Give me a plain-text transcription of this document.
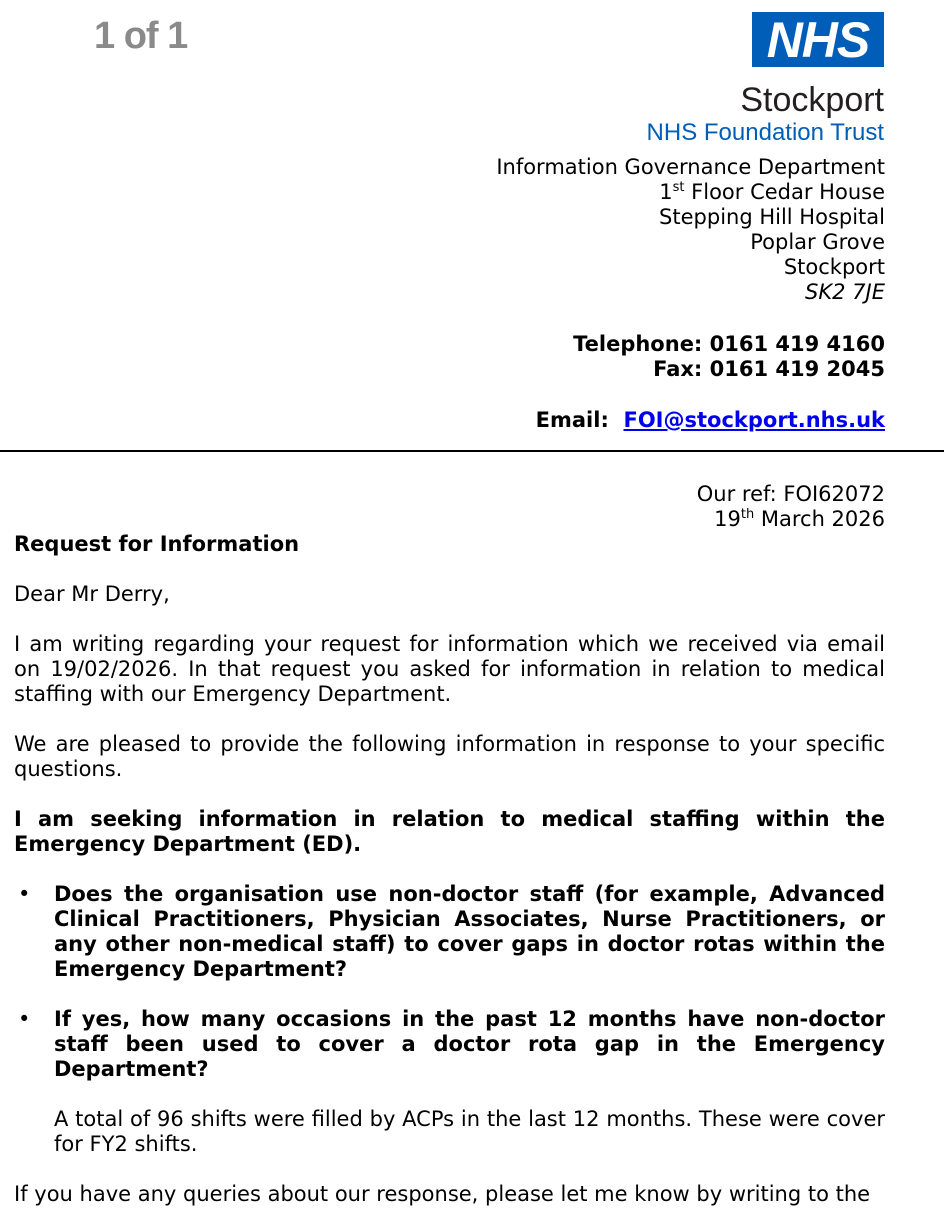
1 of 1	NHS
Stockport
NHS Foundation Trust
Information Governance Department
1st Floor Cedar House
Stepping Hill Hospital
Poplar Grove
Stockport
SK2 7JE
Telephone: 0161 419 4160
Fax: 0161 419 2045
Email: FOI@stockport.nhs.uk
Our ref: FOI62072
19th March 2026

Request for Information

Dear Mr Derry,

I am writing regarding your request for information which we received via email on 19/02/2026. In that request you asked for information in relation to medical staffing with our Emergency Department.

We are pleased to provide the following information in response to your specific questions.

I am seeking information in relation to medical staffing within the Emergency Department (ED).

• Does the organisation use non-doctor staff (for example, Advanced Clinical Practitioners, Physician Associates, Nurse Practitioners, or any other non-medical staff) to cover gaps in doctor rotas within the Emergency Department?
• If yes, how many occasions in the past 12 months have non-doctor staff been used to cover a doctor rota gap in the Emergency Department?

A total of 96 shifts were filled by ACPs in the last 12 months. These were cover for FY2 shifts.

If you have any queries about our response, please let me know by writing to the
